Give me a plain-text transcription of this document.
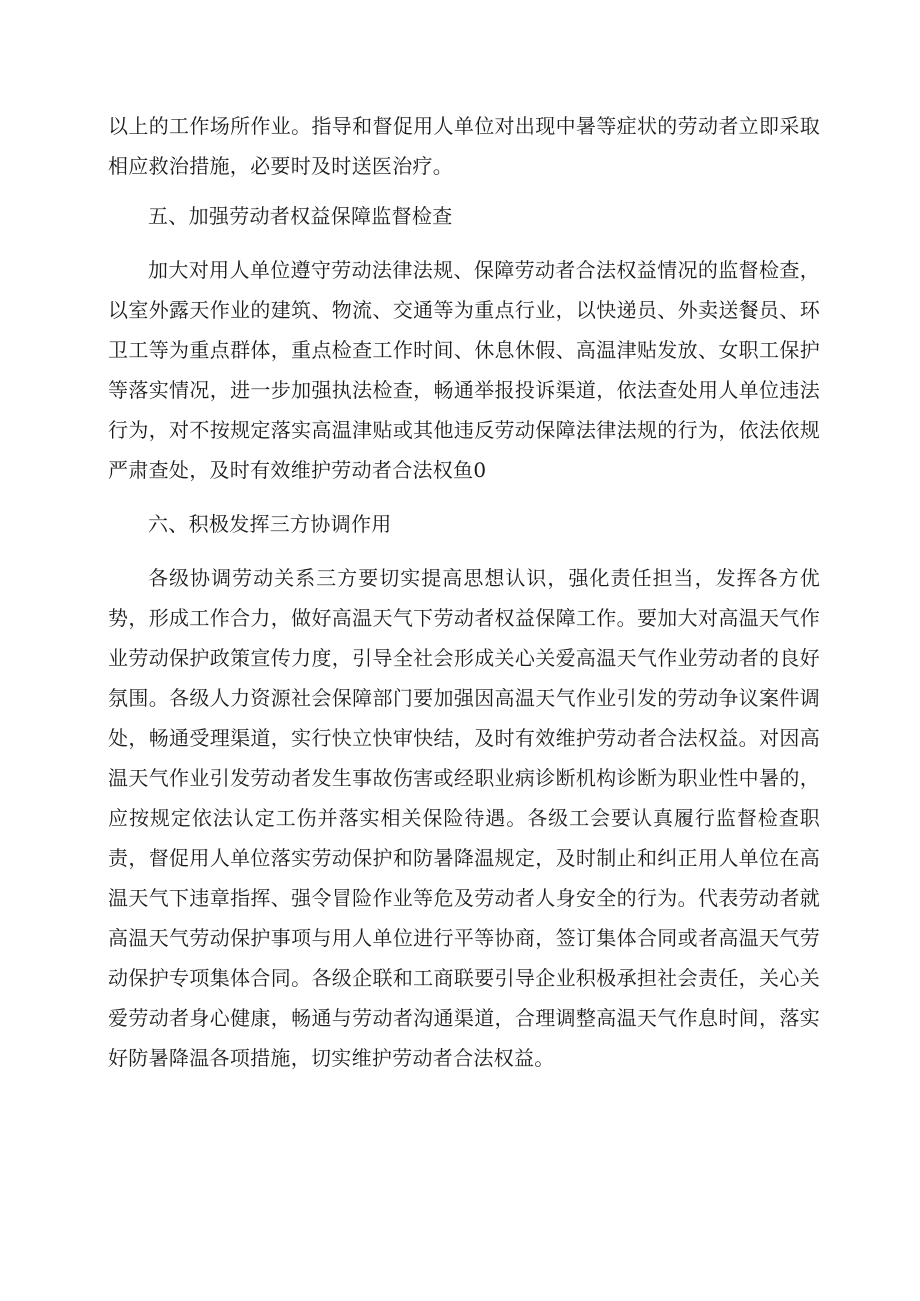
以上的工作场所作业。指导和督促用人单位对出现中暑等症状的劳动者立即采取相应救治措施，必要时及时送医治疗。

五、加强劳动者权益保障监督检查

加大对用人单位遵守劳动法律法规、保障劳动者合法权益情况的监督检查，以室外露天作业的建筑、物流、交通等为重点行业，以快递员、外卖送餐员、环卫工等为重点群体，重点检查工作时间、休息休假、高温津贴发放、女职工保护等落实情况，进一步加强执法检查，畅通举报投诉渠道，依法查处用人单位违法行为，对不按规定落实高温津贴或其他违反劳动保障法律法规的行为，依法依规严肃查处，及时有效维护劳动者合法权鱼0

六、积极发挥三方协调作用

各级协调劳动关系三方要切实提高思想认识，强化责任担当，发挥各方优势，形成工作合力，做好高温天气下劳动者权益保障工作。要加大对高温天气作业劳动保护政策宣传力度，引导全社会形成关心关爱高温天气作业劳动者的良好氛围。各级人力资源社会保障部门要加强因高温天气作业引发的劳动争议案件调处，畅通受理渠道，实行快立快审快结，及时有效维护劳动者合法权益。对因高温天气作业引发劳动者发生事故伤害或经职业病诊断机构诊断为职业性中暑的，应按规定依法认定工伤并落实相关保险待遇。各级工会要认真履行监督检查职责，督促用人单位落实劳动保护和防暑降温规定，及时制止和纠正用人单位在高温天气下违章指挥、强令冒险作业等危及劳动者人身安全的行为。代表劳动者就高温天气劳动保护事项与用人单位进行平等协商，签订集体合同或者高温天气劳动保护专项集体合同。各级企联和工商联要引导企业积极承担社会责任，关心关爱劳动者身心健康，畅通与劳动者沟通渠道，合理调整高温天气作息时间，落实好防暑降温各项措施，切实维护劳动者合法权益。
